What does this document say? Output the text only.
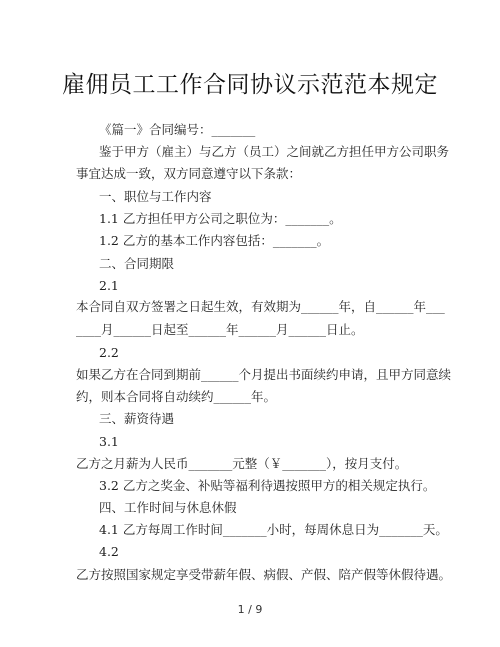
雇佣员工工作合同协议示范范本规定
《篇一》合同编号：_______
鉴于甲方（雇主）与乙方（员工）之间就乙方担任甲方公司职务
事宜达成一致，双方同意遵守以下条款：
一、职位与工作内容
1.1 乙方担任甲方公司之职位为：_______。
1.2 乙方的基本工作内容包括：_______。
二、合同期限
2.1
本合同自双方签署之日起生效，有效期为______年，自______年___
____月______日起至______年______月______日止。
2.2
如果乙方在合同到期前______个月提出书面续约申请，且甲方同意续
约，则本合同将自动续约______年。
三、薪资待遇
3.1
乙方之月薪为人民币_______元整（￥_______），按月支付。
3.2 乙方之奖金、补贴等福利待遇按照甲方的相关规定执行。
四、工作时间与休息休假
4.1 乙方每周工作时间_______小时，每周休息日为_______天。
4.2
乙方按照国家规定享受带薪年假、病假、产假、陪产假等休假待遇。
1 / 9
